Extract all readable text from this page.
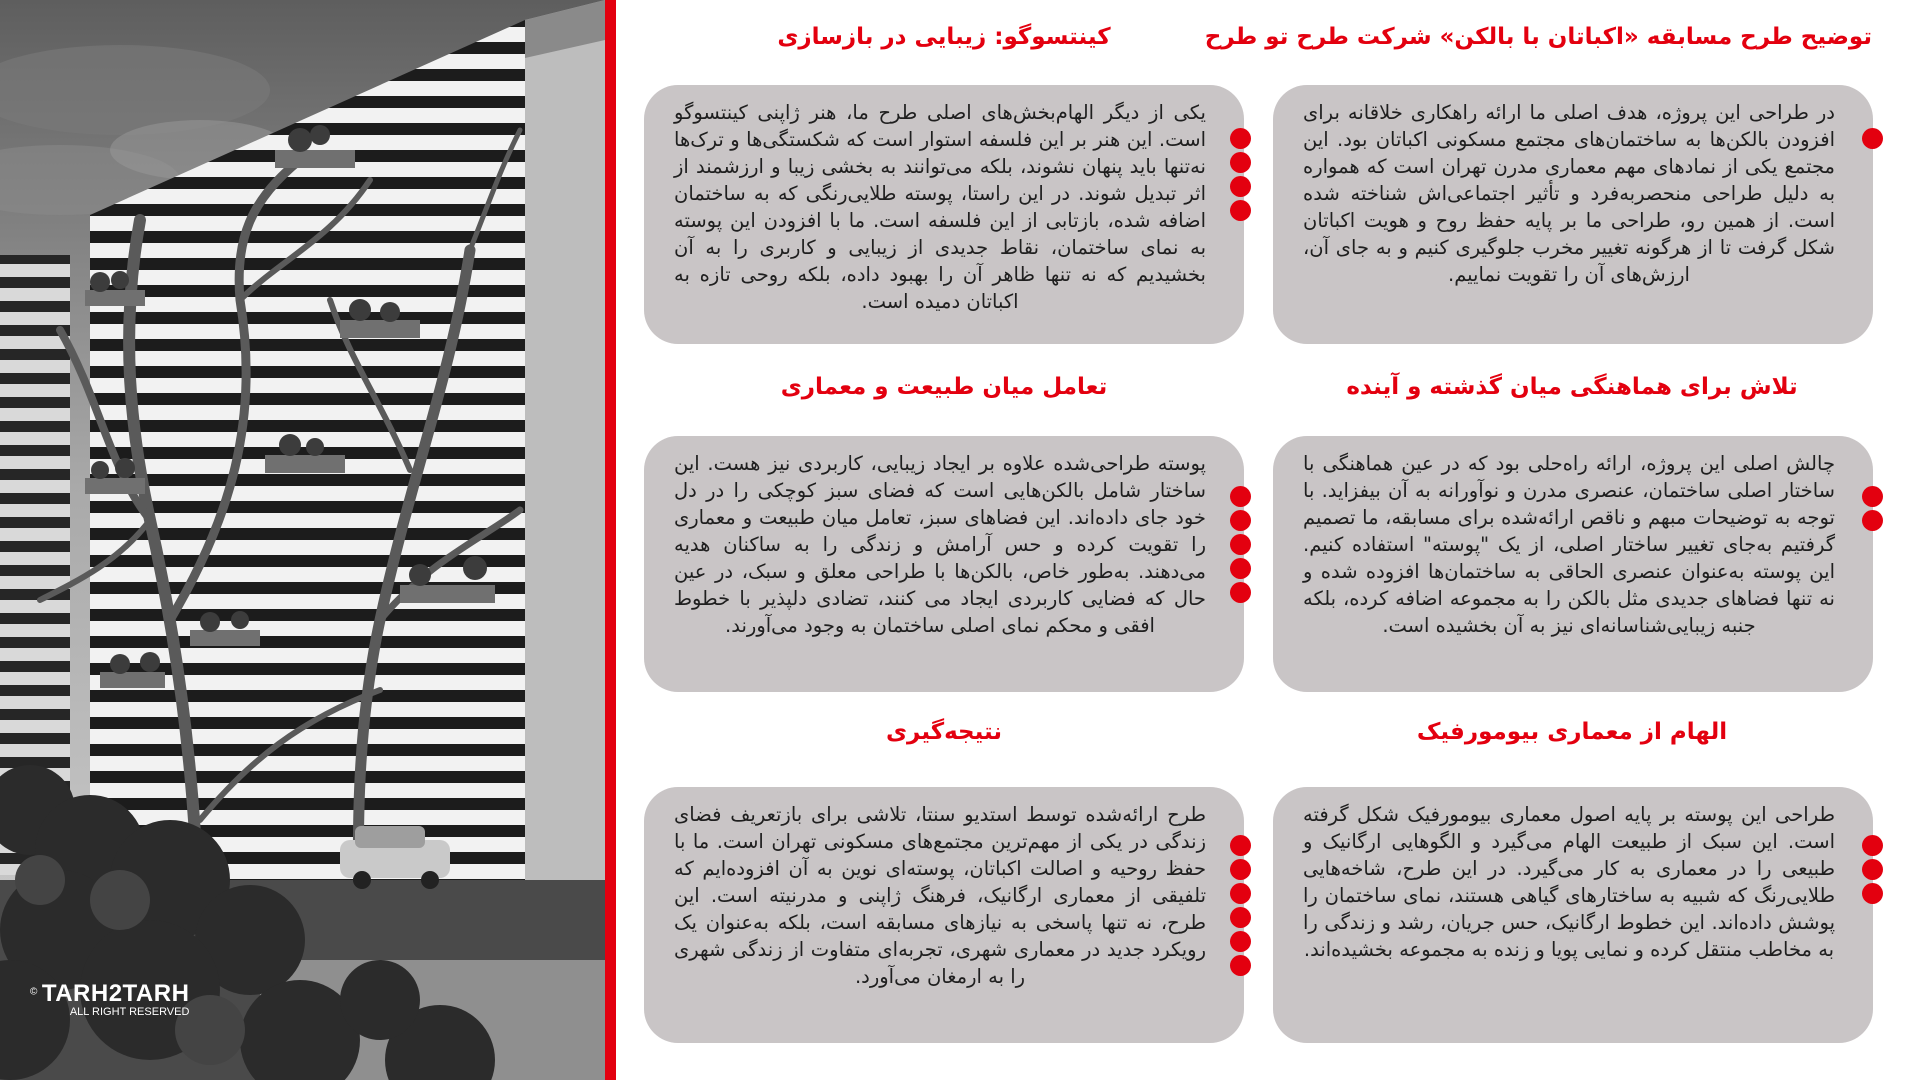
TARH2TARH ©
ALL RIGHT RESERVED
توضیح طرح مسابقه «اکباتان با بالکن» شرکت طرح تو طرح
در طراحی این پروژه، هدف اصلی ما ارائه راهکاری خلاقانه برای افزودن بالکن‌ها به ساختمان‌های مجتمع مسکونی اکباتان بود. این مجتمع یکی از نمادهای مهم معماری مدرن تهران است که همواره به دلیل طراحی منحصربه‌فرد و تأثیر اجتماعی‌اش شناخته شده است. از همین رو، طراحی ما بر پایه حفظ روح و هویت اکباتان شکل گرفت تا از هرگونه تغییر مخرب جلوگیری کنیم و به جای آن، ارزش‌های آن را تقویت نماییم.
کینتسوگو: زیبایی در بازسازی
یکی از دیگر الهام‌بخش‌های اصلی طرح ما، هنر ژاپنی کینتسوگو است. این هنر بر این فلسفه استوار است که شکستگی‌ها و ترک‌ها نه‌تنها باید پنهان نشوند، بلکه می‌توانند به بخشی زیبا و ارزشمند از اثر تبدیل شوند. در این راستا، پوسته طلایی‌رنگی که به ساختمان اضافه شده، بازتابی از این فلسفه است. ما با افزودن این پوسته به نمای ساختمان، نقاط جدیدی از زیبایی و کاربری را به آن بخشیدیم که نه تنها ظاهر آن را بهبود داده، بلکه روحی تازه به اکباتان دمیده است.
تلاش برای هماهنگی میان گذشته و آینده
چالش اصلی این پروژه، ارائه راه‌حلی بود که در عین هماهنگی با ساختار اصلی ساختمان، عنصری مدرن و نوآورانه به آن بیفزاید. با توجه به توضیحات مبهم و ناقص ارائه‌شده برای مسابقه، ما تصمیم گرفتیم به‌جای تغییر ساختار اصلی، از یک "پوسته" استفاده کنیم. این پوسته به‌عنوان عنصری الحاقی به ساختمان‌ها افزوده شده و نه تنها فضاهای جدیدی مثل بالکن را به مجموعه اضافه کرده، بلکه جنبه زیبایی‌شناسانه‌ای نیز به آن بخشیده است.
تعامل میان طبیعت و معماری
پوسته طراحی‌شده علاوه بر ایجاد زیبایی، کاربردی نیز هست. این ساختار شامل بالکن‌هایی است که فضای سبز کوچکی را در دل خود جای داده‌اند. این فضاهای سبز، تعامل میان طبیعت و معماری را تقویت کرده و حس آرامش و زندگی را به ساکنان هدیه می‌دهند. به‌طور خاص، بالکن‌ها با طراحی معلق و سبک، در عین حال که فضایی کاربردی ایجاد می کنند، تضادی دلپذیر با خطوط افقی و محکم نمای اصلی ساختمان به وجود می‌آورند.
الهام از معماری بیومورفیک
طراحی این پوسته بر پایه اصول معماری بیومورفیک شکل گرفته است. این سبک از طبیعت الهام می‌گیرد و الگوهایی ارگانیک و طبیعی را در معماری به کار می‌گیرد. در این طرح، شاخه‌هایی طلایی‌رنگ که شبیه به ساختارهای گیاهی هستند، نمای ساختمان را پوشش داده‌اند. این خطوط ارگانیک، حس جریان، رشد و زندگی را به مخاطب منتقل کرده و نمایی پویا و زنده به مجموعه بخشیده‌اند.
نتیجه‌گیری
طرح ارائه‌شده توسط استدیو سنتا، تلاشی برای بازتعریف فضای زندگی در یکی از مهم‌ترین مجتمع‌های مسکونی تهران است. ما با حفظ روحیه و اصالت اکباتان، پوسته‌ای نوین به آن افزوده‌ایم که تلفیقی از معماری ارگانیک، فرهنگ ژاپنی و مدرنیته است. این طرح، نه تنها پاسخی به نیازهای مسابقه است، بلکه به‌عنوان یک رویکرد جدید در معماری شهری، تجربه‌ای متفاوت از زندگی شهری را به ارمغان می‌آورد.
